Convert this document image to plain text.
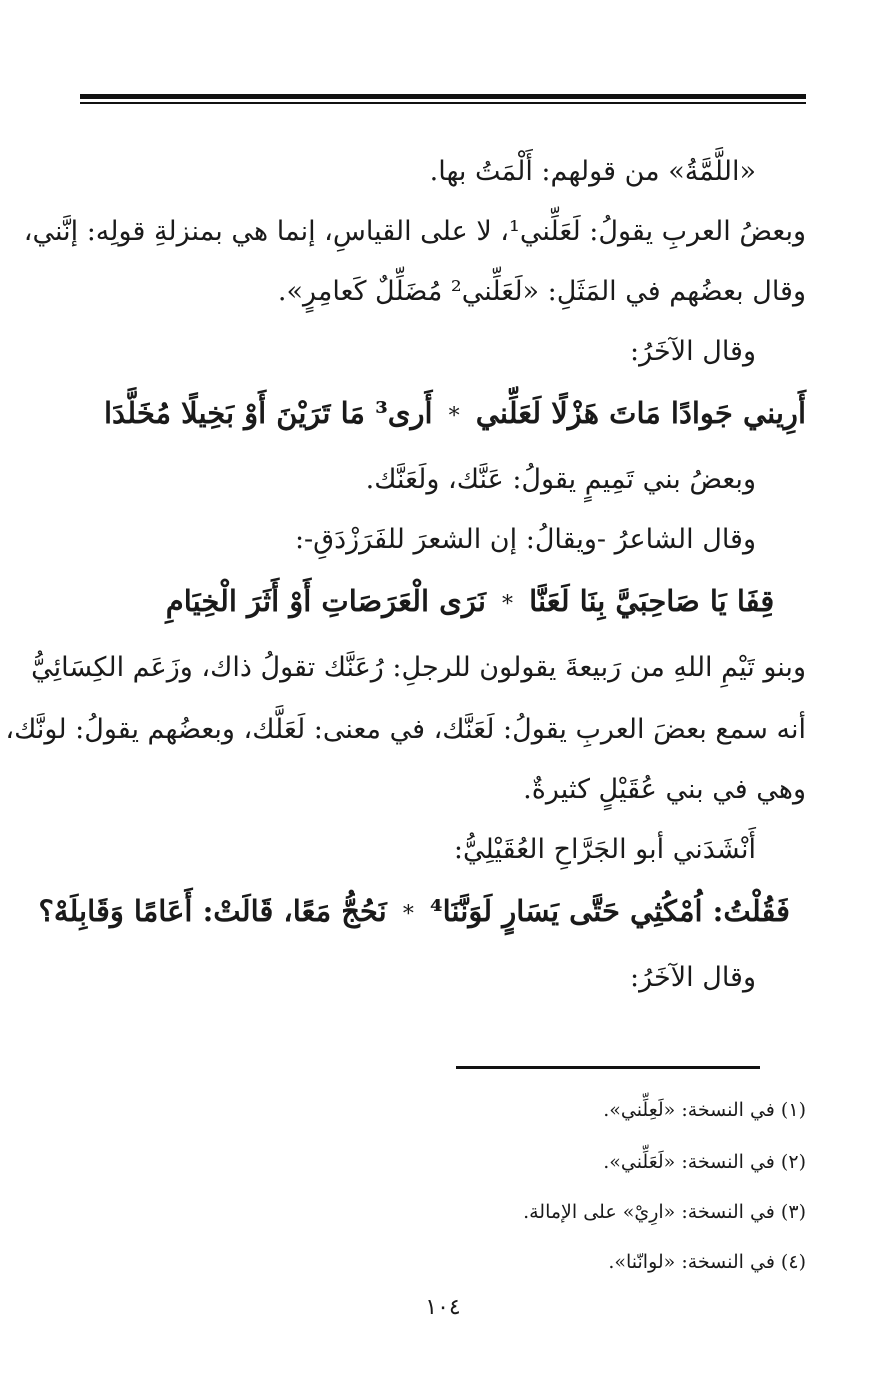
«اللَّمَّةُ» من قولهم: أَلْمَتُ بها.
وبعضُ العربِ يقولُ: لَعَلِّني¹، لا على القياسِ، إنما هي بمنزلةِ قولِه: إنَّني،
وقال بعضُهم في المَثَلِ: «لَعَلِّني² مُضَلِّلٌ كَعامِرٍ».
وقال الآخَرُ:
أَرِيني جَوادًا مَاتَ هَزْلًا لَعَلِّني * أَرى³ مَا تَرَيْنَ أَوْ بَخِيلًا مُخَلَّدَا
وبعضُ بني تَمِيمٍ يقولُ: عَنَّك، ولَعَنَّك.
وقال الشاعرُ -ويقالُ: إن الشعرَ للفَرَزْدَقِ-:
قِفَا يَا صَاحِبَيَّ بِنَا لَعَنَّا * نَرَى الْعَرَصَاتِ أَوْ أَثَرَ الْخِيَامِ
وبنو تَيْمِ اللهِ من رَبيعةَ يقولون للرجلِ: رُعَنَّك تقولُ ذاك، وزَعَم الكِسَائِيُّ
أنه سمع بعضَ العربِ يقولُ: لَعَنَّك، في معنى: لَعَلَّك، وبعضُهم يقولُ: لونَّك،
وهي في بني عُقَيْلٍ كثيرةٌ.
أَنْشَدَني أبو الجَرَّاحِ العُقَيْلِيُّ:
فَقُلْتُ: اُمْكُثِي حَتَّى يَسَارٍ لَوَنَّنَا⁴ * نَحُجُّ مَعًا، قَالَتْ: أَعَامًا وَقَابِلَهْ؟
وقال الآخَرُ:
(١) في النسخة: «لَعِلِّني».
(٢) في النسخة: «لَعَلِّني».
(٣) في النسخة: «ارِيْ» على الإمالة.
(٤) في النسخة: «لوانّنا».
١٠٤
